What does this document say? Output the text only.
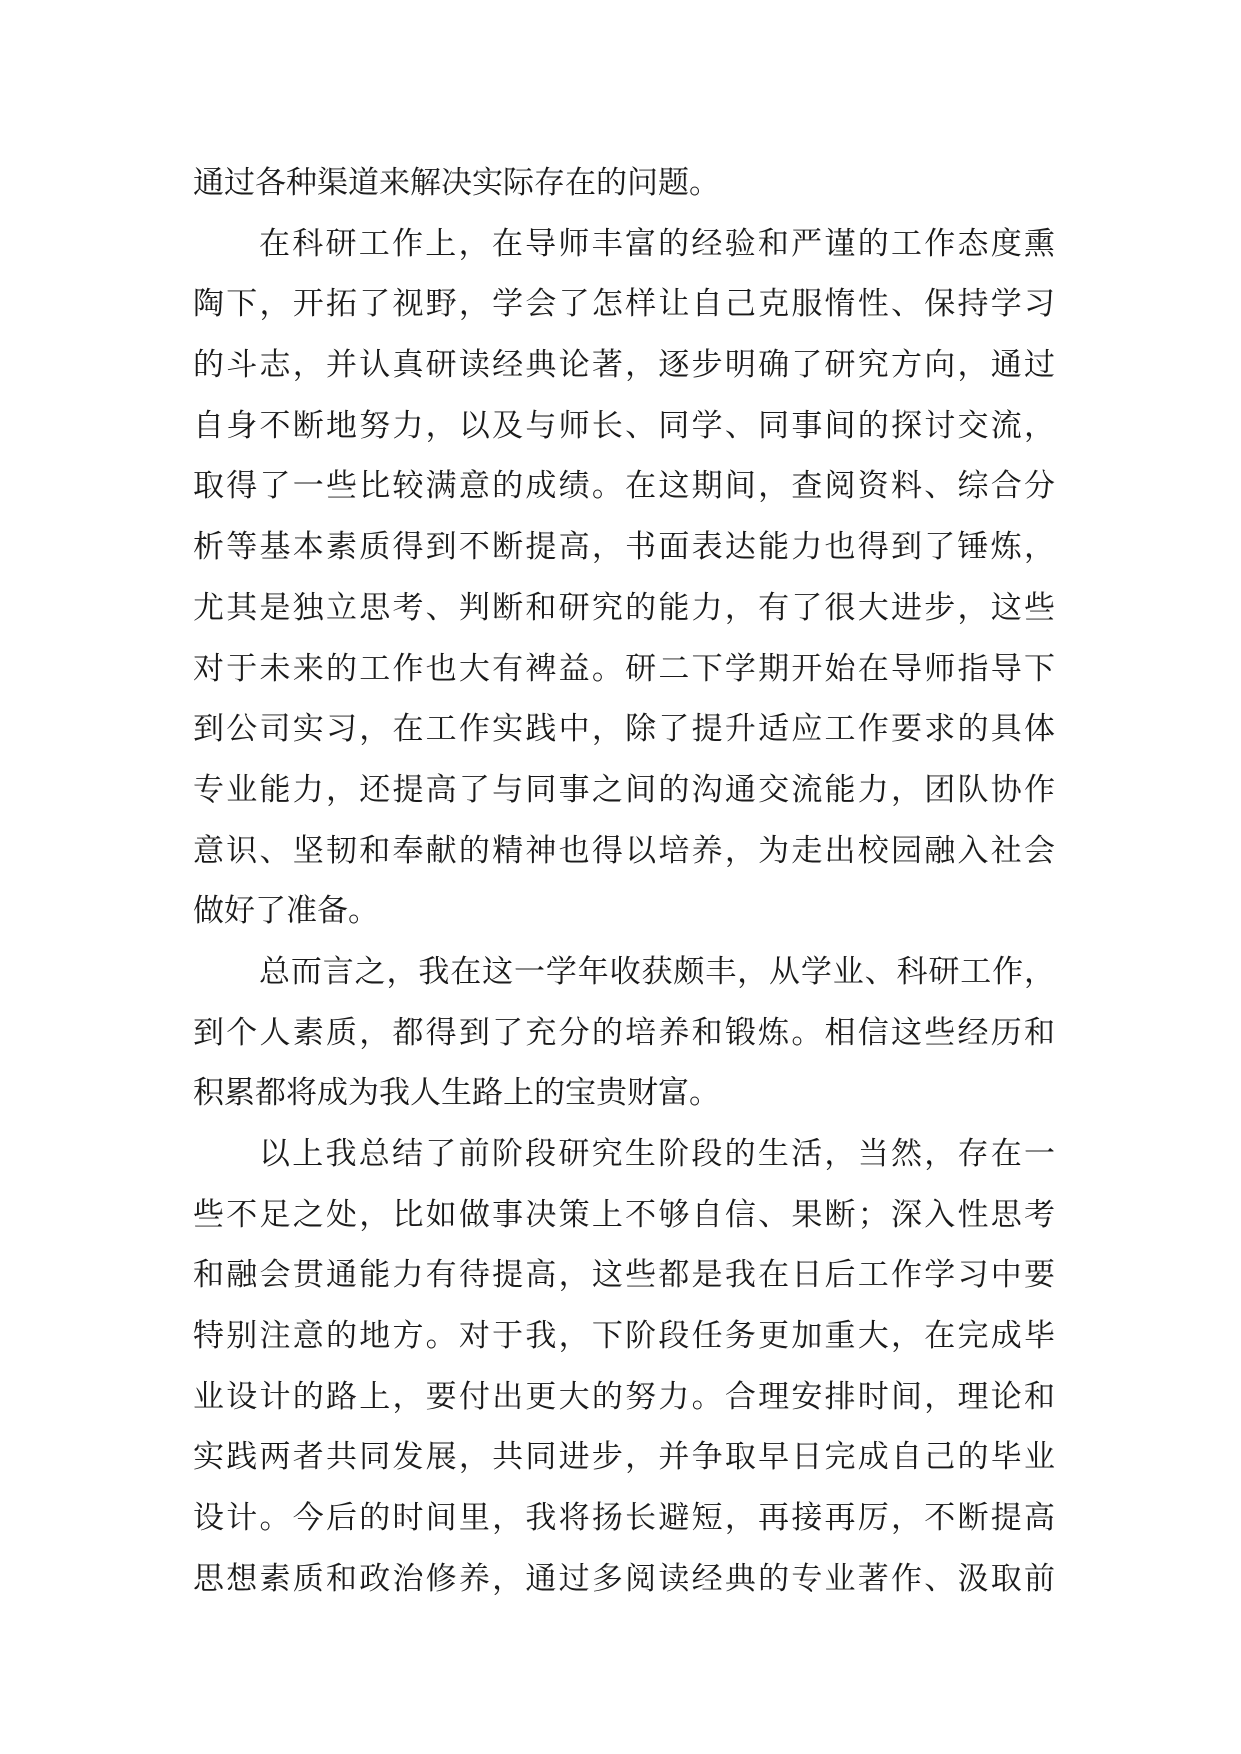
通过各种渠道来解决实际存在的问题。
在科研工作上，在导师丰富的经验和严谨的工作态度熏
陶下，开拓了视野，学会了怎样让自己克服惰性、保持学习
的斗志，并认真研读经典论著，逐步明确了研究方向，通过
自身不断地努力，以及与师长、同学、同事间的探讨交流，
取得了一些比较满意的成绩。在这期间，查阅资料、综合分
析等基本素质得到不断提高，书面表达能力也得到了锤炼，
尤其是独立思考、判断和研究的能力，有了很大进步，这些
对于未来的工作也大有裨益。研二下学期开始在导师指导下
到公司实习，在工作实践中，除了提升适应工作要求的具体
专业能力，还提高了与同事之间的沟通交流能力，团队协作
意识、坚韧和奉献的精神也得以培养，为走出校园融入社会
做好了准备。
总而言之，我在这一学年收获颇丰，从学业、科研工作，
到个人素质，都得到了充分的培养和锻炼。相信这些经历和
积累都将成为我人生路上的宝贵财富。
以上我总结了前阶段研究生阶段的生活，当然，存在一
些不足之处，比如做事决策上不够自信、果断；深入性思考
和融会贯通能力有待提高，这些都是我在日后工作学习中要
特别注意的地方。对于我，下阶段任务更加重大，在完成毕
业设计的路上，要付出更大的努力。合理安排时间，理论和
实践两者共同发展，共同进步，并争取早日完成自己的毕业
设计。今后的时间里，我将扬长避短，再接再厉，不断提高
思想素质和政治修养，通过多阅读经典的专业著作、汲取前
